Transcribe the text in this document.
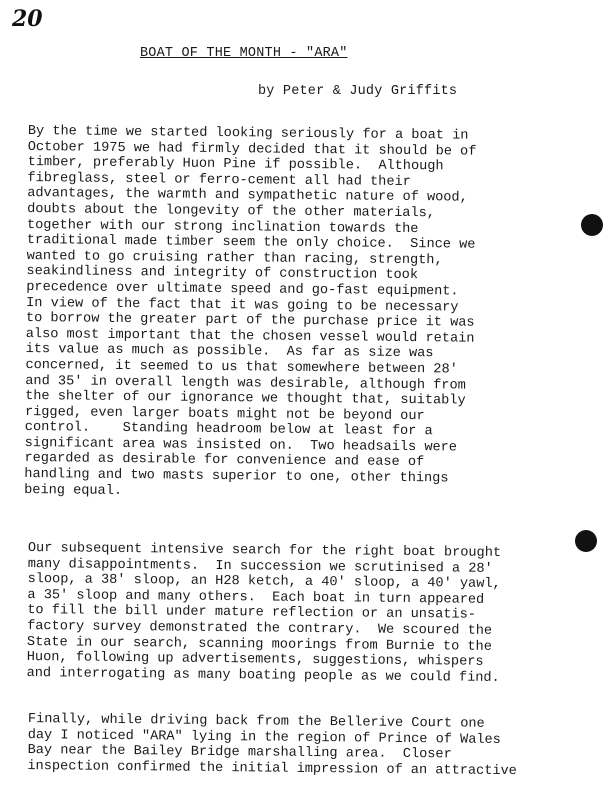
20
BOAT OF THE MONTH - "ARA"
by Peter & Judy Griffits
By the time we started looking seriously for a boat in
October 1975 we had firmly decided that it should be of
timber, preferably Huon Pine if possible.  Although
fibreglass, steel or ferro-cement all had their
advantages, the warmth and sympathetic nature of wood,
doubts about the longevity of the other materials,
together with our strong inclination towards the
traditional made timber seem the only choice.  Since we
wanted to go cruising rather than racing, strength,
seakindliness and integrity of construction took
precedence over ultimate speed and go-fast equipment.
In view of the fact that it was going to be necessary
to borrow the greater part of the purchase price it was
also most important that the chosen vessel would retain
its value as much as possible.  As far as size was
concerned, it seemed to us that somewhere between 28'
and 35' in overall length was desirable, although from
the shelter of our ignorance we thought that, suitably
rigged, even larger boats might not be beyond our
control.    Standing headroom below at least for a
significant area was insisted on.  Two headsails were
regarded as desirable for convenience and ease of
handling and two masts superior to one, other things
being equal.
Our subsequent intensive search for the right boat brought
many disappointments.  In succession we scrutinised a 28'
sloop, a 38' sloop, an H28 ketch, a 40' sloop, a 40' yawl,
a 35' sloop and many others.  Each boat in turn appeared
to fill the bill under mature reflection or an unsatis-
factory survey demonstrated the contrary.  We scoured the
State in our search, scanning moorings from Burnie to the
Huon, following up advertisements, suggestions, whispers
and interrogating as many boating people as we could find.
Finally, while driving back from the Bellerive Court one
day I noticed "ARA" lying in the region of Prince of Wales
Bay near the Bailey Bridge marshalling area.  Closer
inspection confirmed the initial impression of an attractive
